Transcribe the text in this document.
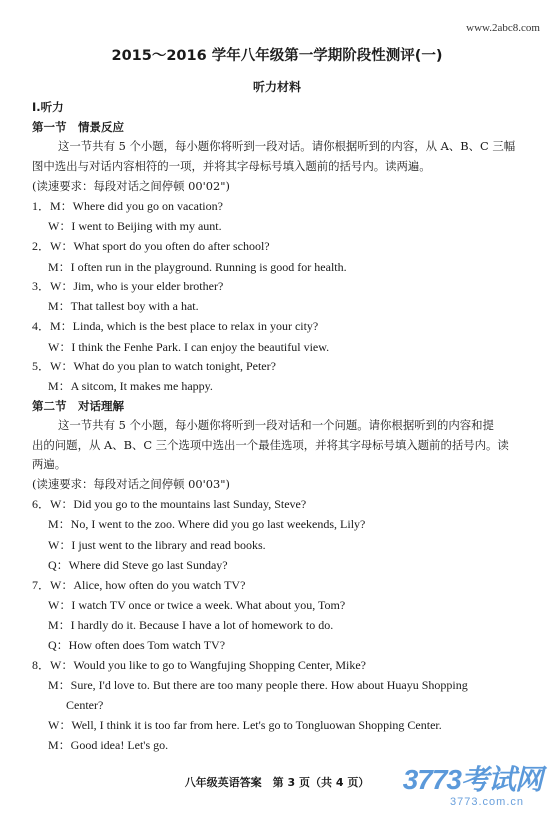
www.2abc8.com
2015～2016 学年八年级第一学期阶段性测评(一)
听力材料
Ⅰ.听力
第一节　情景反应
这一节共有 5 个小题，每小题你将听到一段对话。请你根据听到的内容，从 A、B、C 三幅
图中选出与对话内容相符的一项，并将其字母标号填入题前的括号内。读两遍。
(读速要求：每段对话之间停顿 00'02")
1．M：Where did you go on vacation?
W：I went to Beijing with my aunt.
2．W：What sport do you often do after school?
M：I often run in the playground. Running is good for health.
3．W：Jim, who is your elder brother?
M：That tallest boy with a hat.
4．M：Linda, which is the best place to relax in your city?
W：I think the Fenhe Park. I can enjoy the beautiful view.
5．W：What do you plan to watch tonight, Peter?
M：A sitcom, It makes me happy.
第二节　对话理解
这一节共有 5 个小题，每小题你将听到一段对话和一个问题。请你根据听到的内容和提
出的问题，从 A、B、C 三个选项中选出一个最佳选项，并将其字母标号填入题前的括号内。读
两遍。
(读速要求：每段对话之间停顿 00'03")
6．W：Did you go to the mountains last Sunday, Steve?
M：No, I went to the zoo. Where did you go last weekends, Lily?
W：I just went to the library and read books.
Q：Where did Steve go last Sunday?
7．W：Alice, how often do you watch TV?
W：I watch TV once or twice a week. What about you, Tom?
M：I hardly do it. Because I have a lot of homework to do.
Q：How often does Tom watch TV?
8．W：Would you like to go to Wangfujing Shopping Center, Mike?
M：Sure, I'd love to. But there are too many people there. How about Huayu Shopping
Center?
W：Well, I think it is too far from here. Let's go to Tongluowan Shopping Center.
M：Good idea! Let's go.
八年级英语答案　第 3 页（共 4 页）	3773考试网
3773.com.cn
